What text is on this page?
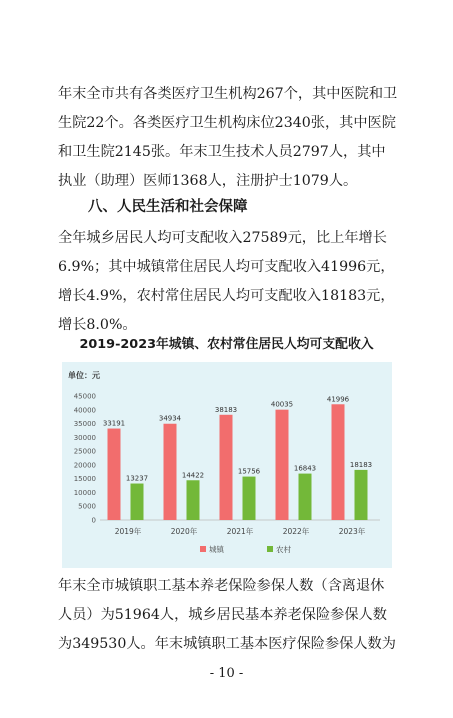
年末全市共有各类医疗卫生机构267个，其中医院和卫生院22个。各类医疗卫生机构床位2340张，其中医院和卫生院2145张。年末卫生技术人员2797人，其中执业（助理）医师1368人，注册护士1079人。

八、人民生活和社会保障

全年城乡居民人均可支配收入27589元，比上年增长6.9%；其中城镇常住居民人均可支配收入41996元，增长4.9%，农村常住居民人均可支配收入18183元，增长8.0%。

2019-2023年城镇、农村常住居民人均可支配收入

单位：元
0
5000
10000
15000
20000
25000
30000
35000
40000
45000
33191
13237
2019年
34934
14422
2020年
38183
15756
2021年
40035
16843
2022年
41996
18183
2023年
城镇	农村

年末全市城镇职工基本养老保险参保人数（含离退休人员）为51964人，城乡居民基本养老保险参保人数为349530人。年末城镇职工基本医疗保险参保人数为

- 10 -
